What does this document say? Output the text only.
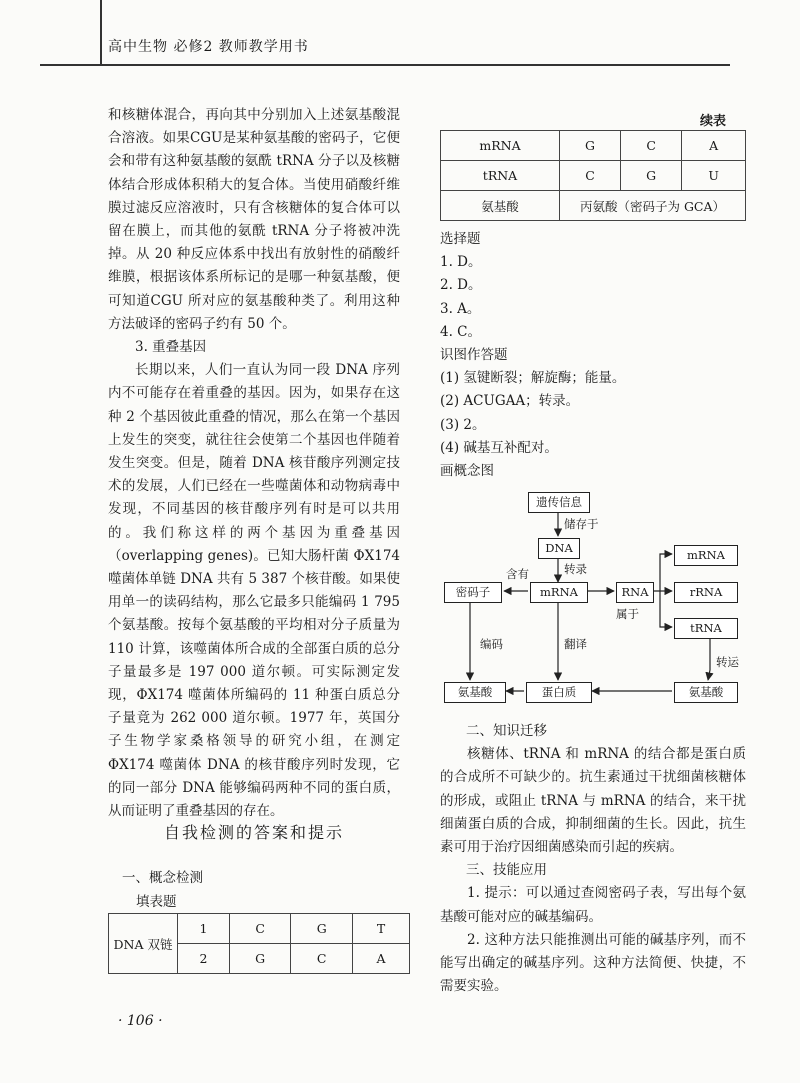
高中生物 必修2 教师教学用书

和核糖体混合，再向其中分别加入上述氨基酸混合溶液。如果CGU是某种氨基酸的密码子，它便会和带有这种氨基酸的氨酰 tRNA 分子以及核糖体结合形成体积稍大的复合体。当使用硝酸纤维膜过滤反应溶液时，只有含核糖体的复合体可以留在膜上，而其他的氨酰 tRNA 分子将被冲洗掉。从 20 种反应体系中找出有放射性的硝酸纤维膜，根据该体系所标记的是哪一种氨基酸，便可知道CGU 所对应的氨基酸种类了。利用这种方法破译的密码子约有 50 个。

3. 重叠基因

长期以来，人们一直认为同一段 DNA 序列内不可能存在着重叠的基因。因为，如果存在这种 2 个基因彼此重叠的情况，那么在第一个基因上发生的突变，就往往会使第二个基因也伴随着发生突变。但是，随着 DNA 核苷酸序列测定技术的发展，人们已经在一些噬菌体和动物病毒中发现，不同基因的核苷酸序列有时是可以共用的。我们称这样的两个基因为重叠基因（overlapping genes)。已知大肠杆菌 ΦX174 噬菌体单链 DNA 共有 5 387 个核苷酸。如果使用单一的读码结构，那么它最多只能编码 1 795 个氨基酸。按每个氨基酸的平均相对分子质量为 110 计算，该噬菌体所合成的全部蛋白质的总分子量最多是 197 000 道尔顿。可实际测定发现，ΦX174 噬菌体所编码的 11 种蛋白质总分子量竟为 262 000 道尔顿。1977 年，英国分子生物学家桑格领导的研究小组，在测定 ΦX174 噬菌体 DNA 的核苷酸序列时发现，它的同一部分 DNA 能够编码两种不同的蛋白质，从而证明了重叠基因的存在。

自我检测的答案和提示
一、概念检测
填表题
DNA 双链	1	C	G	T
	2	G	C	A
· 106 ·
续表
mRNA	G	C	A
tRNA	C	G	U
氨基酸	丙氨酸（密码子为 GCA）		

选择题

1. D。

2. D。

3. A。

4. C。

识图作答题

(1) 氢键断裂；解旋酶；能量。

(2) ACUGAA；转录。

(3) 2。

(4) 碱基互补配对。

画概念图

遗传信息
储存于
DNA
转录
含有
密码子	mRNA	RNA
属于
mRNA
rRNA
tRNA
编码	翻译
转运
氨基酸	蛋白质	氨基酸

二、知识迁移

核糖体、tRNA 和 mRNA 的结合都是蛋白质的合成所不可缺少的。抗生素通过干扰细菌核糖体的形成，或阻止 tRNA 与 mRNA 的结合，来干扰细菌蛋白质的合成，抑制细菌的生长。因此，抗生素可用于治疗因细菌感染而引起的疾病。

三、技能应用

1. 提示：可以通过查阅密码子表，写出每个氨基酸可能对应的碱基编码。

2. 这种方法只能推测出可能的碱基序列，而不能写出确定的碱基序列。这种方法简便、快捷，不需要实验。
